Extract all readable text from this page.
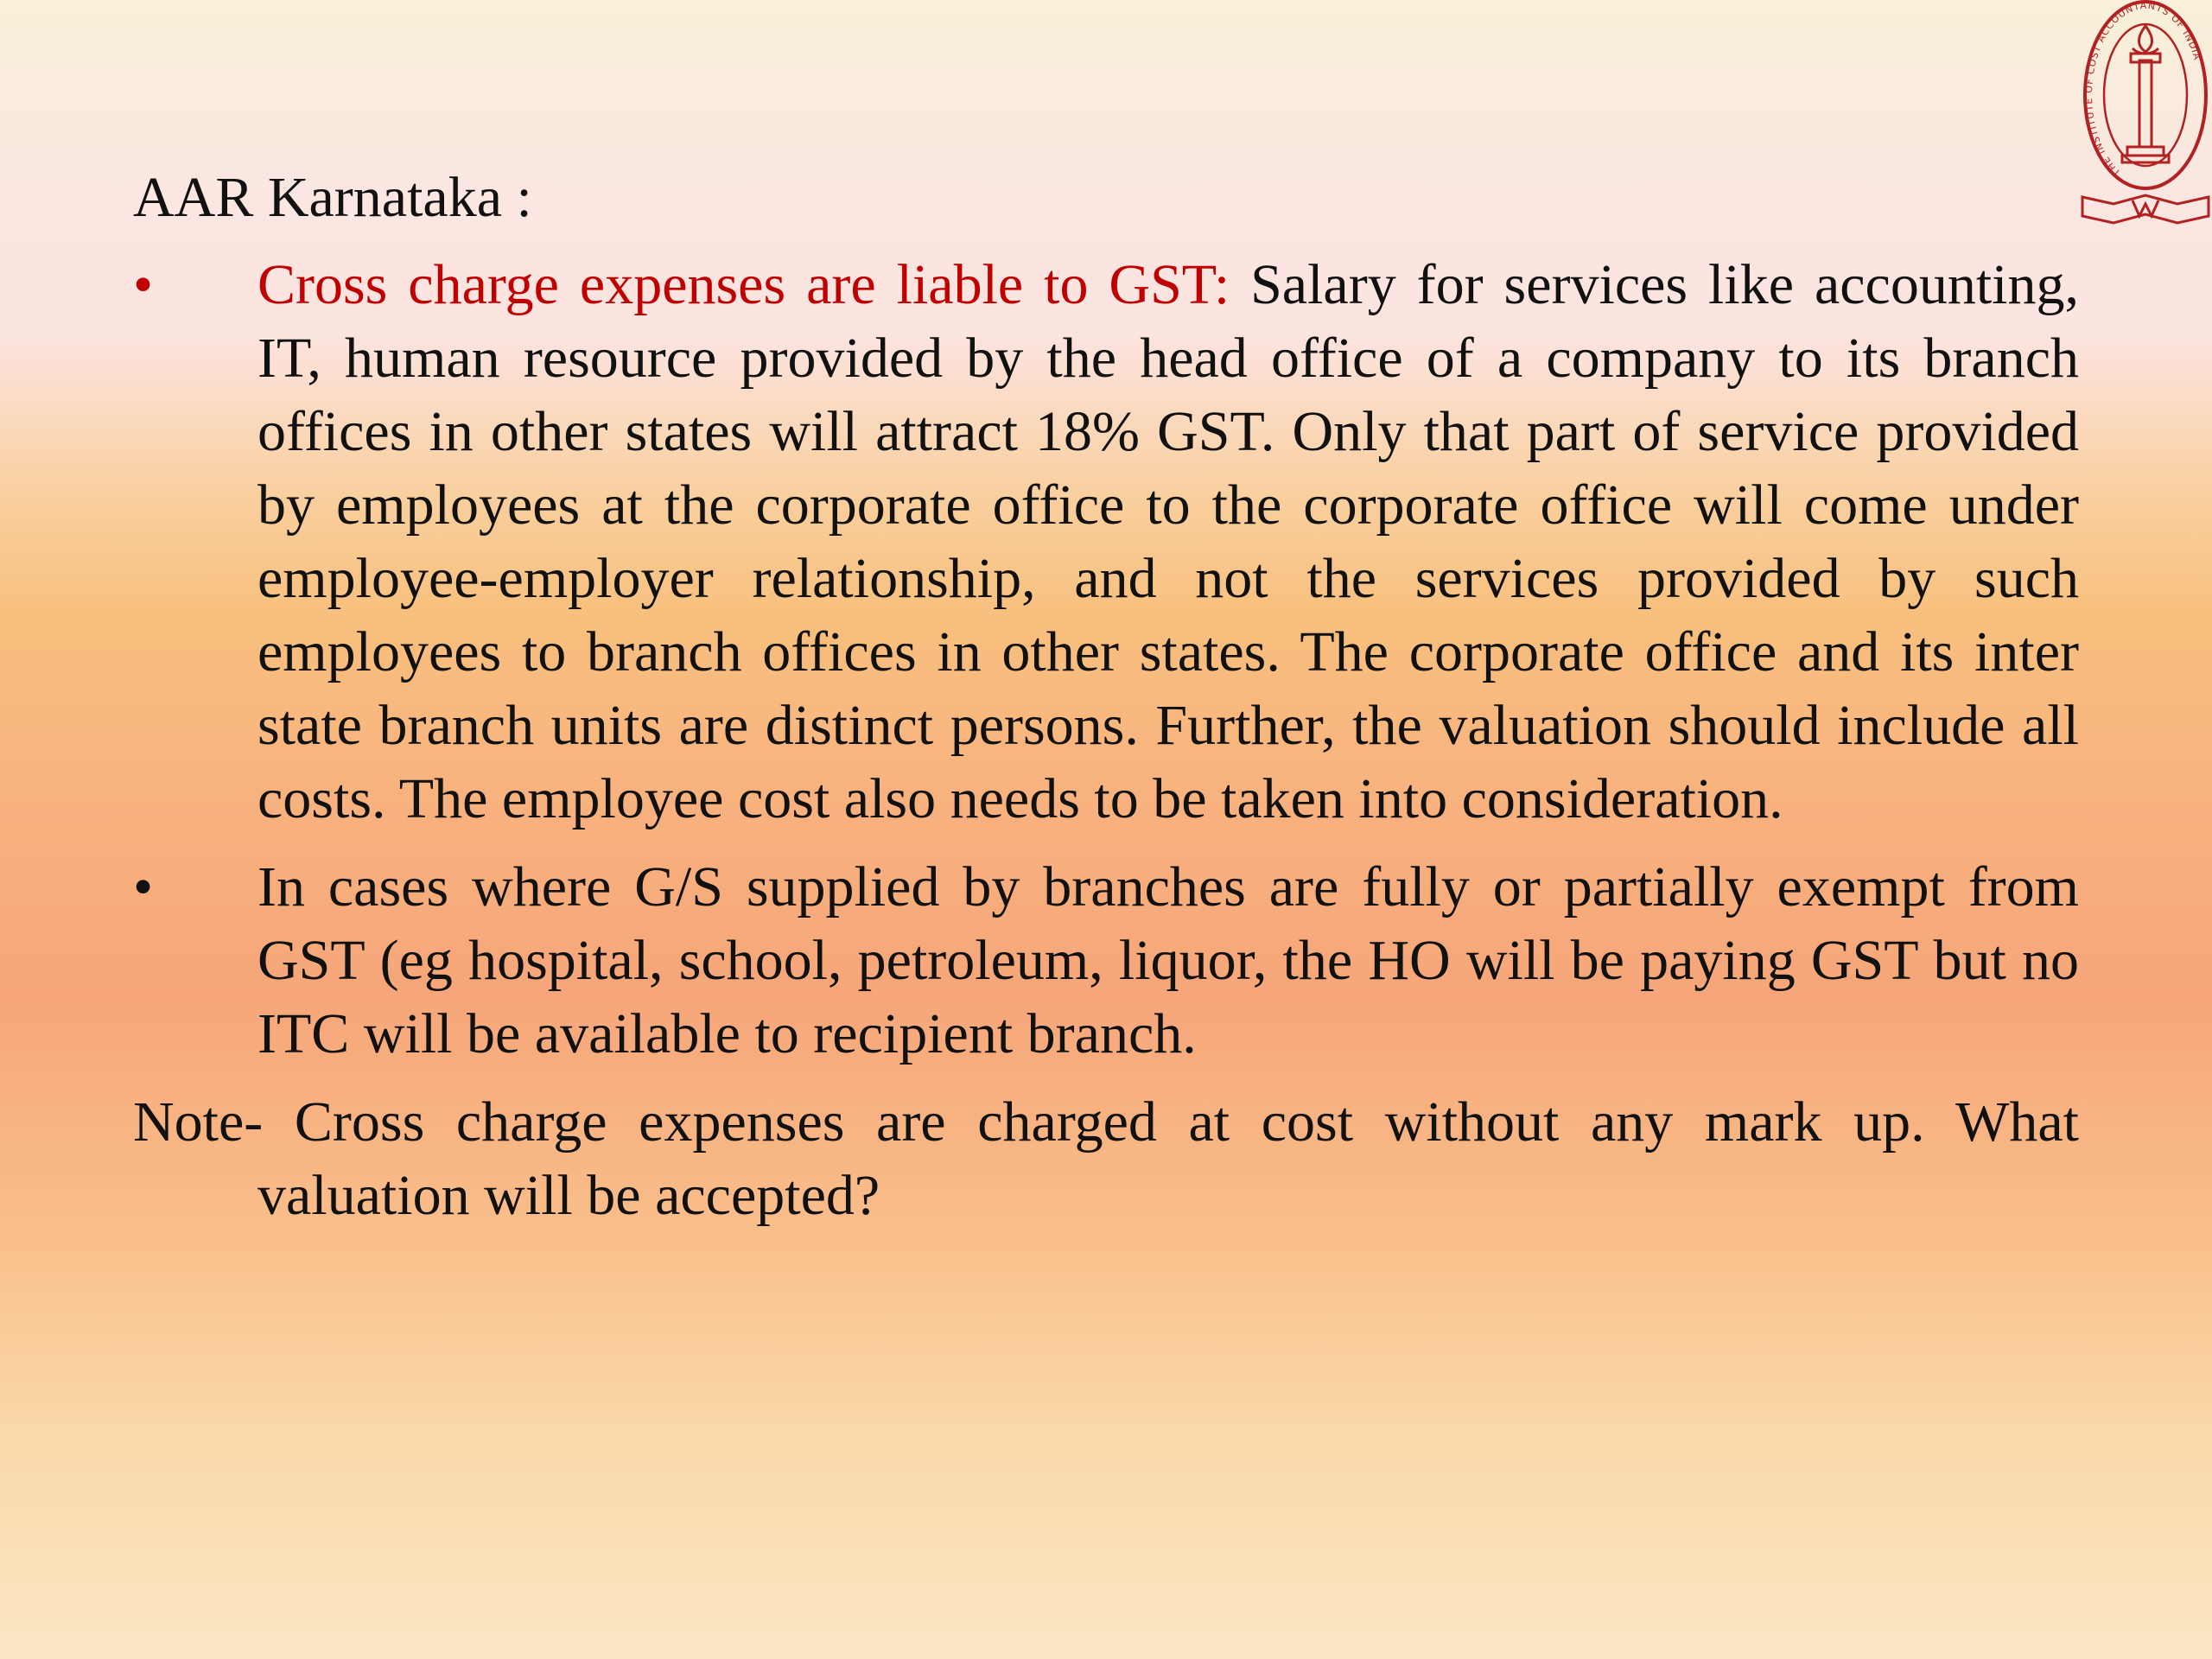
THE INSTITUTE OF COST ACCOUNTANTS OF INDIA

AAR Karnataka :

• Cross charge expenses are liable to GST: Salary for services like accounting, IT, human resource provided by the head office of a company to its branch offices in other states will attract 18% GST. Only that part of service provided by employees at the corporate office to the corporate office will come under employee-employer relationship, and not the services provided by such employees to branch offices in other states. The corporate office and its inter state branch units are distinct persons. Further, the valuation should include all costs. The employee cost also needs to be taken into consideration.

• In cases where G/S supplied by branches are fully or partially exempt from GST (eg hospital, school, petroleum, liquor, the HO will be paying GST but no ITC will be available to recipient branch.

Note- Cross charge expenses are charged at cost without any mark up. What valuation will be accepted?
